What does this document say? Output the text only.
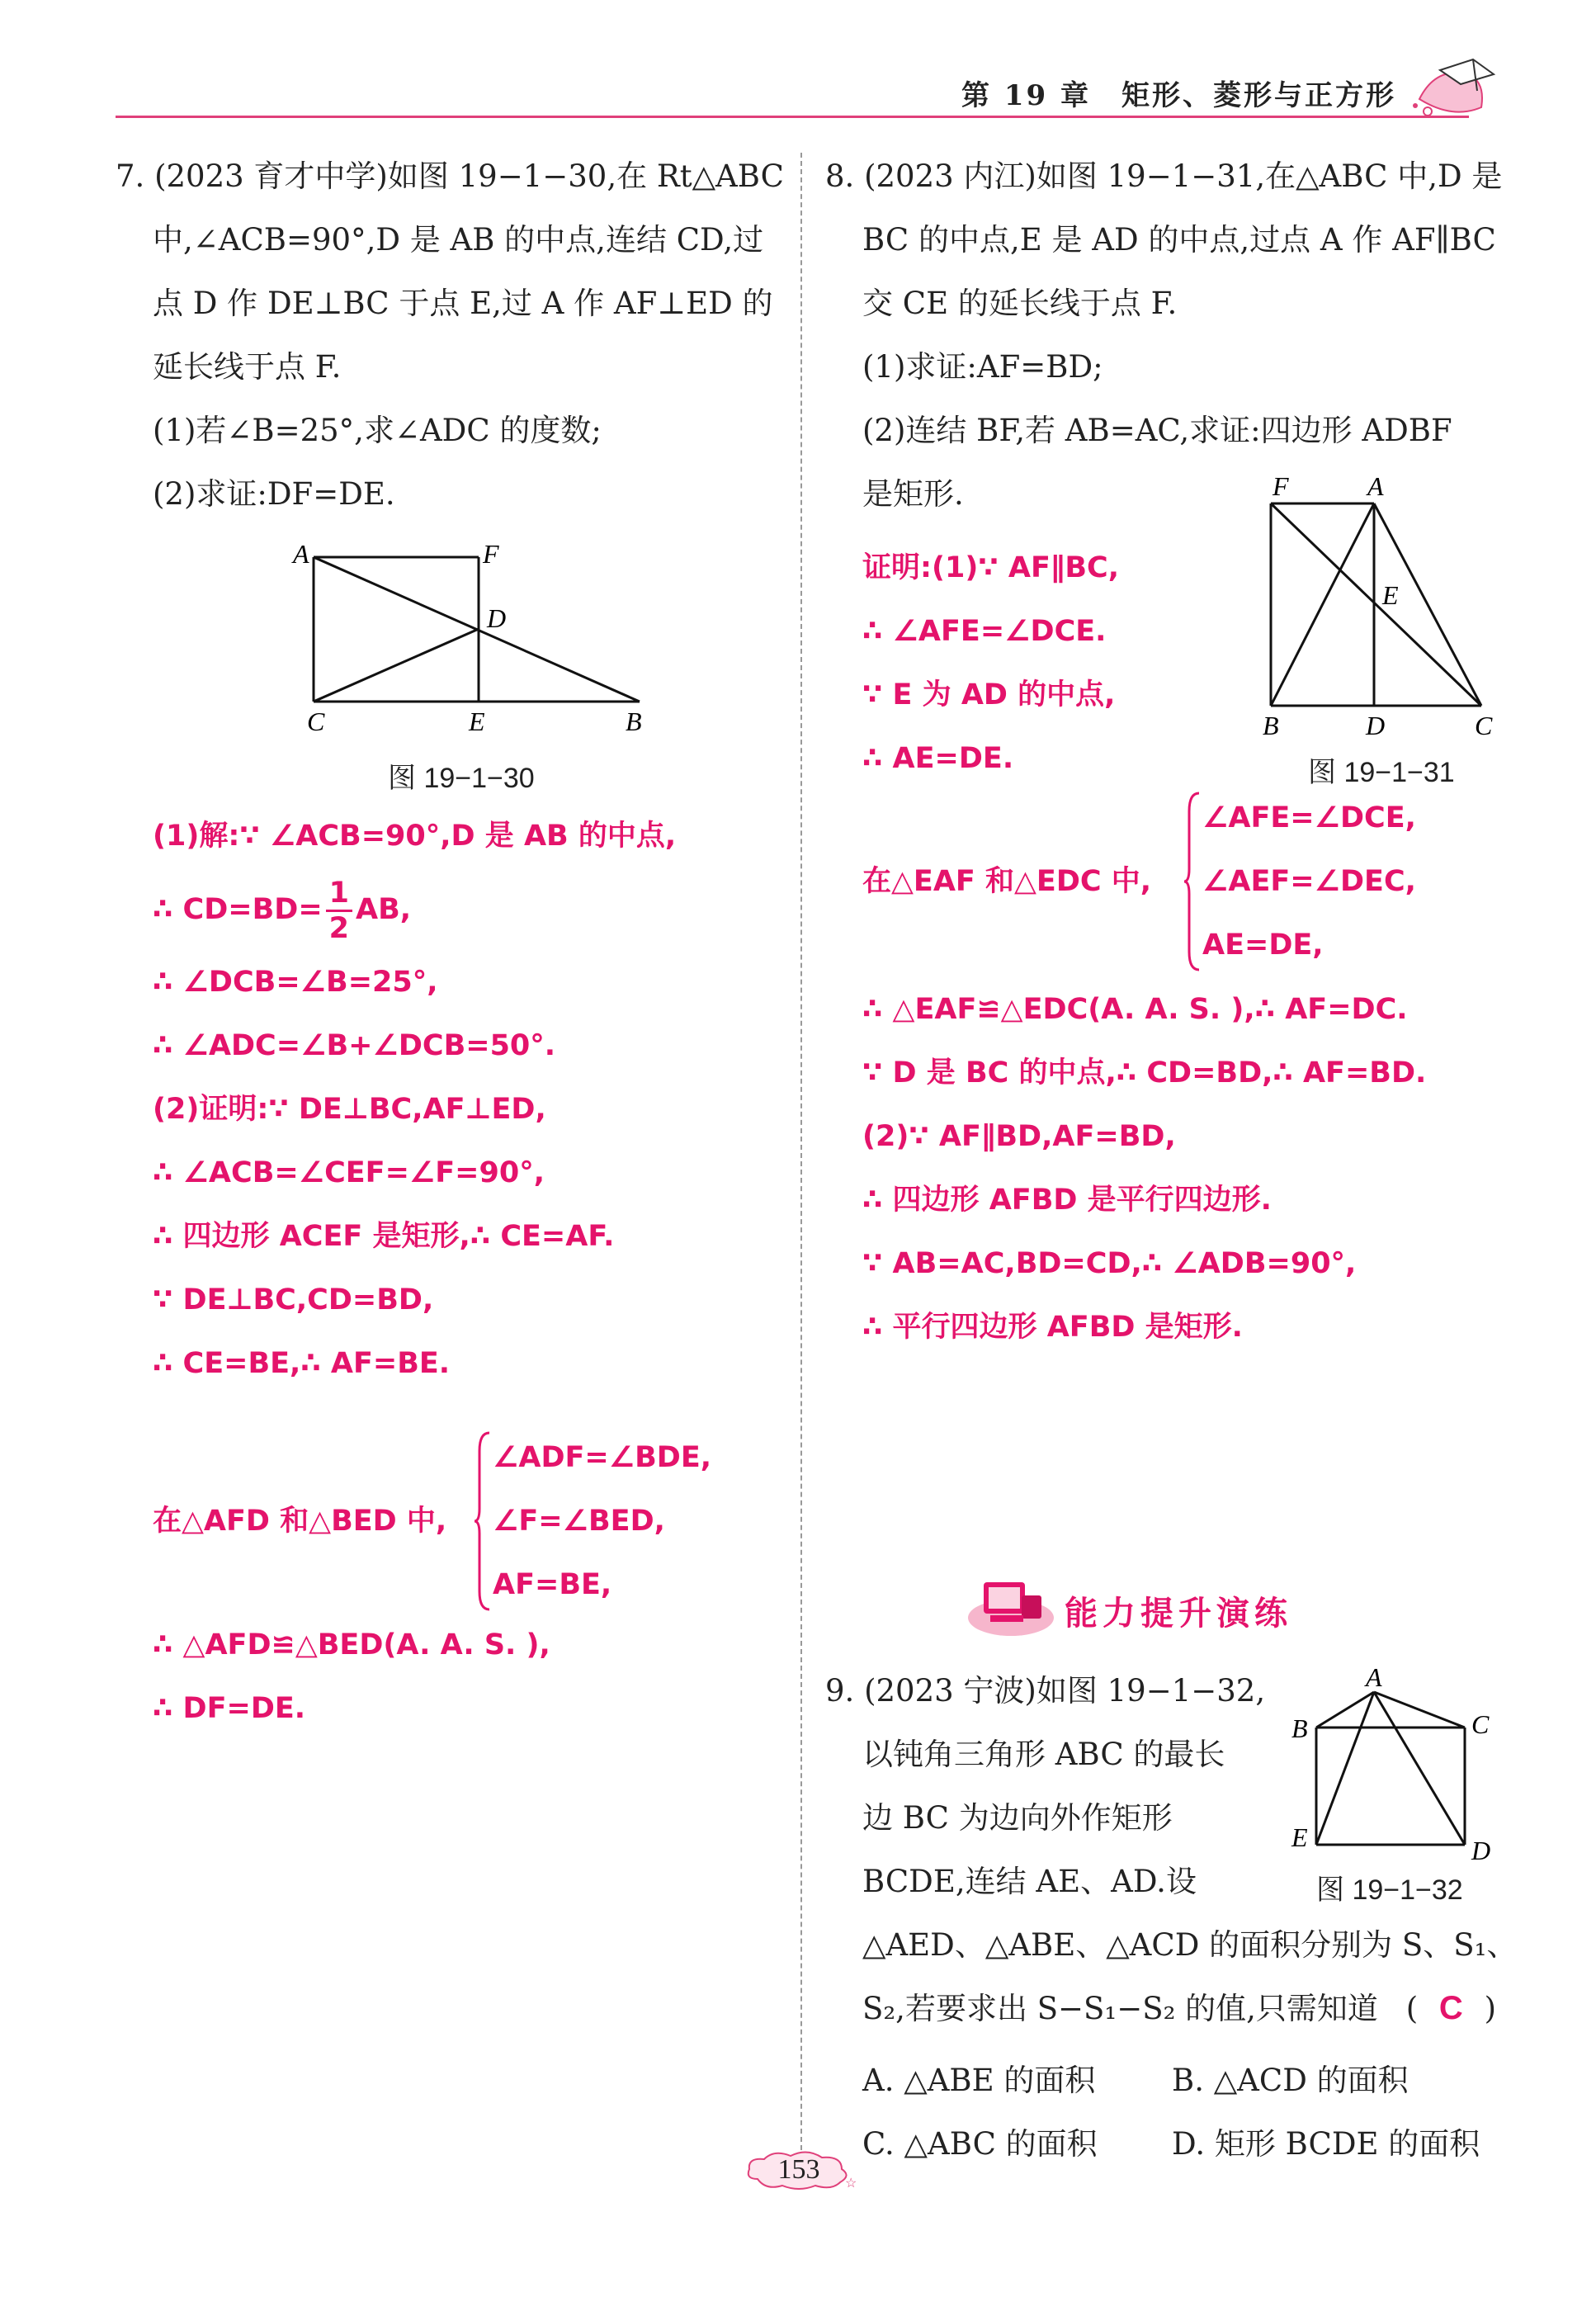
第 19 章　矩形、菱形与正方形

7. (2023 育才中学)如图 19−1−30,在 Rt△ABC

中,∠ACB=90°,D 是 AB 的中点,连结 CD,过

点 D 作 DE⊥BC 于点 E,过 A 作 AF⊥ED 的

延长线于点 F.

(1)若∠B=25°,求∠ADC 的度数;

(2)求证:DF=DE.

A	F
D
C	E	B
图 19−1−30

(1)解:∵ ∠ACB=90°,D 是 AB 的中点,

∴ $CD=BD= \frac{1}{2}$ AB,

∴ ∠DCB=∠B=25°,

∴ ∠ADC=∠B+∠DCB=50°.

(2)证明:∵ DE⊥BC,AF⊥ED,

∴ ∠ACB=∠CEF=∠F=90°,

∴ 四边形 ACEF 是矩形,∴ CE=AF.

∵ DE⊥BC,CD=BD,

∴ CE=BE,∴ AF=BE.

在△AFD 和△BED 中,
∠ADF=∠BDE,
∠F=∠BED,
AF=BE,

∴ △AFD≌△BED(A. A. S. ),

∴ DF=DE.

8. (2023 内江)如图 19−1−31,在△ABC 中,D 是

BC 的中点,E 是 AD 的中点,过点 A 作 AF∥BC

交 CE 的延长线于点 F.

(1)求证:AF=BD;

(2)连结 BF,若 AB=AC,求证:四边形 ADBF

是矩形.	F	A
E
B	D	C
图 19−1−31

证明:(1)∵ AF∥BC,

∴ ∠AFE=∠DCE.

∵ E 为 AD 的中点,

∴ AE=DE.

在△EAF 和△EDC 中,
∠AFE=∠DCE,
∠AEF=∠DEC,
AE=DE,

∴ △EAF≌△EDC(A. A. S. ),∴ AF=DC.

∵ D 是 BC 的中点,∴ CD=BD,∴ AF=BD.

(2)∵ AF∥BD,AF=BD,

∴ 四边形 AFBD 是平行四边形.

∵ AB=AC,BD=CD,∴ ∠ADB=90°,

∴ 平行四边形 AFBD 是矩形.

能力提升演练

9. (2023 宁波)如图 19−1−32,

以钝角三角形 ABC 的最长

边 BC 为边向外作矩形

BCDE,连结 AE、AD.设

△AED、△ABE、△ACD 的面积分别为 S、S₁、

S₂,若要求出 S−S₁−S₂ 的值,只需知道 ( C )

A
B	C
E	D
图 19−1−32
A. △ABE 的面积	B. △ACD 的面积
C. △ABC 的面积 D. 矩形 BCDE 的面积
☆
153
